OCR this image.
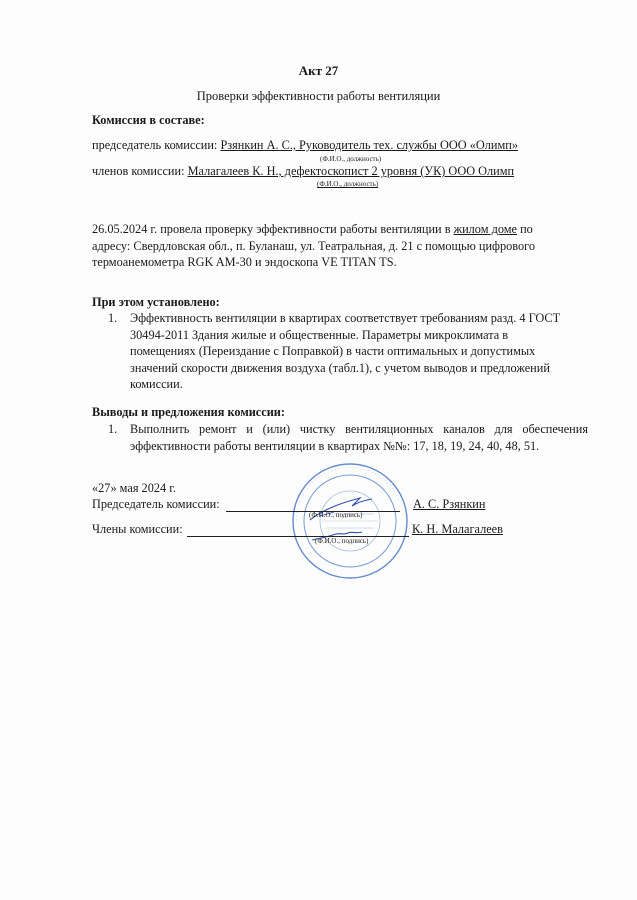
Акт 27
Проверки эффективности работы вентиляции
Комиссия в составе:
председатель комиссии: Рзянкин А. С., Руководитель тех. службы ООО «Олимп»
(Ф.И.О., должность)
членов комиссии: Малагалеев К. Н., дефектоскопист 2 уровня (УК) ООО Олимп
(Ф.И.О., должность)
26.05.2024 г. провела проверку эффективности работы вентиляции в жилом доме по адресу: Свердловская обл., п. Буланаш, ул. Театральная, д. 21 с помощью цифрового термоанемометра RGK AM-30 и эндоскопа VE TITAN TS.
При этом установлено:
1. Эффективность вентиляции в квартирах соответствует требованиям разд. 4 ГОСТ 30494-2011 Здания жилые и общественные. Параметры микроклимата в помещениях (Переиздание с Поправкой) в части оптимальных и допустимых значений скорости движения воздуха (табл.1), с учетом выводов и предложений комиссии.
Выводы и предложения комиссии:
1. Выполнить ремонт и (или) чистку вентиляционных каналов для обеспечения эффективности работы вентиляции в квартирах №№: 17, 18, 19, 24, 40, 48, 51.
· · · · · · · · · · · · · · · · · · · · · · · · · · · · · · · · · · · · · · · · · ·
«27» мая 2024 г.
Председатель комиссии:	А. С. Рзянкин
(Ф.И.О., подпись)
Члены комиссии:	К. Н. Малагалеев
(Ф.И.О., подпись)
